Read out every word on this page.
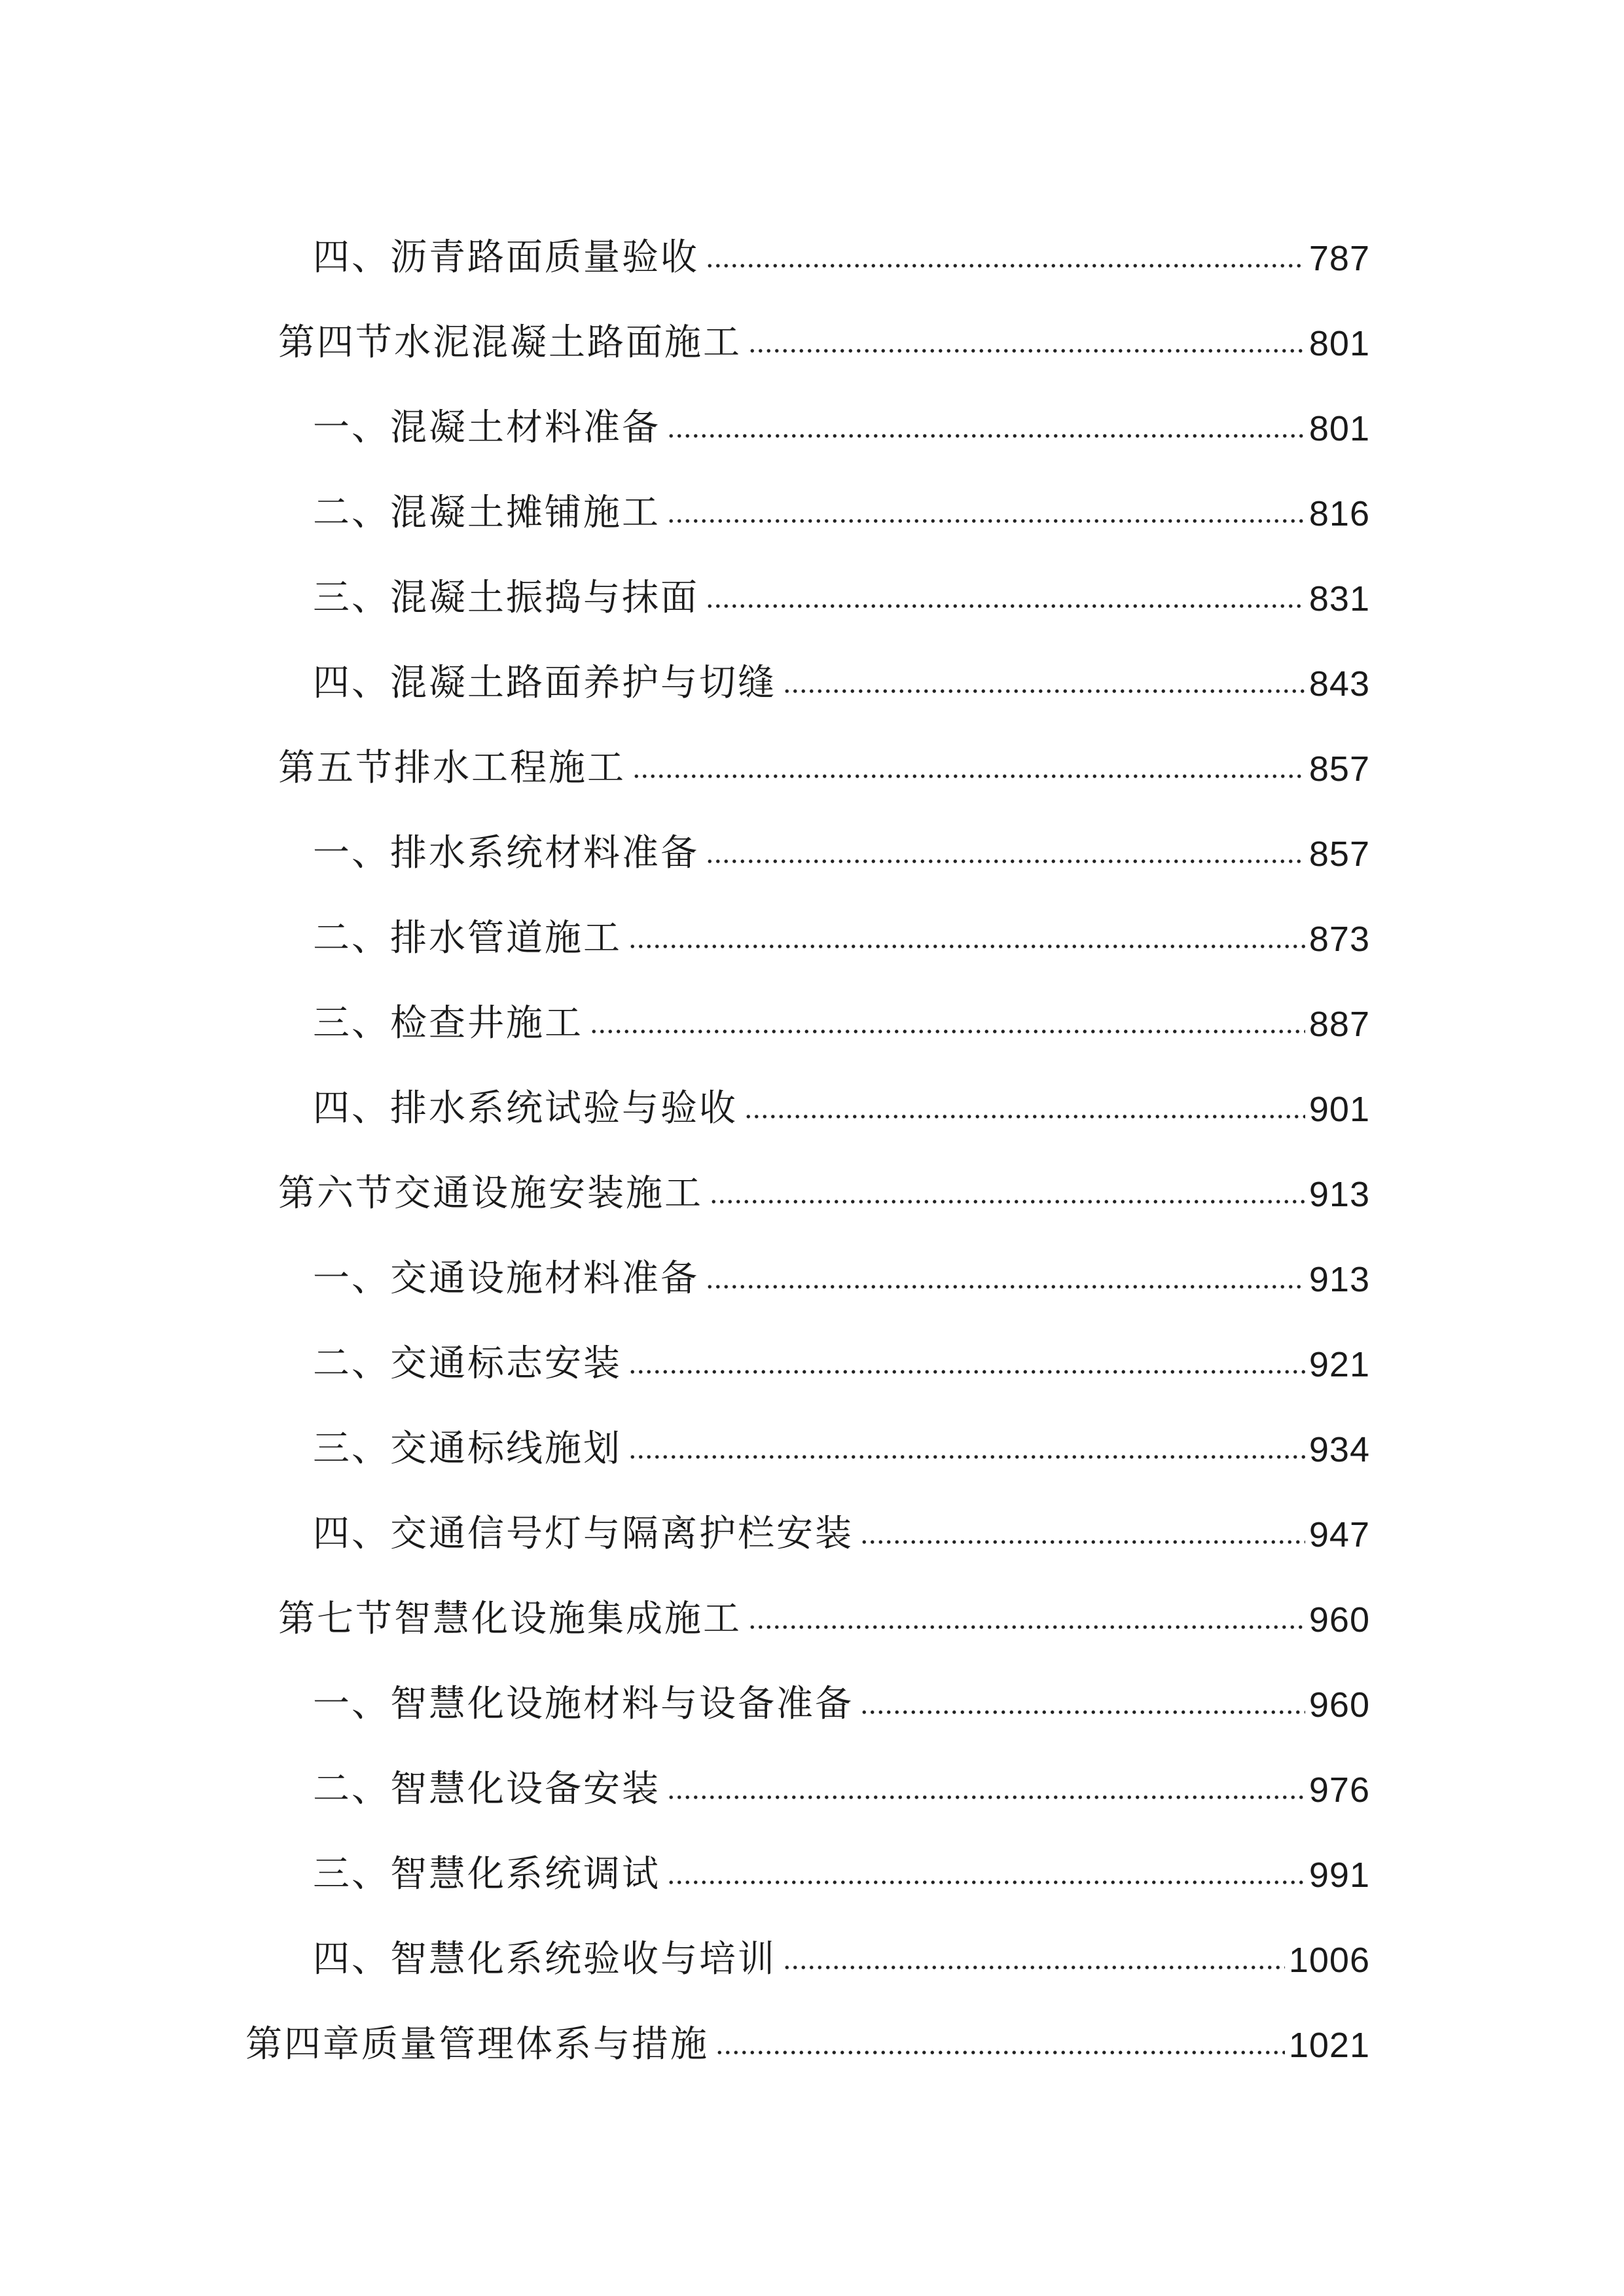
四、沥青路面质量验收	787
第四节水泥混凝土路面施工	801
一、混凝土材料准备	801
二、混凝土摊铺施工	816
三、混凝土振捣与抹面	831
四、混凝土路面养护与切缝	843
第五节排水工程施工	857
一、排水系统材料准备	857
二、排水管道施工	873
三、检查井施工	887
四、排水系统试验与验收	901
第六节交通设施安装施工	913
一、交通设施材料准备	913
二、交通标志安装	921
三、交通标线施划	934
四、交通信号灯与隔离护栏安装	947
第七节智慧化设施集成施工	960
一、智慧化设施材料与设备准备	960
二、智慧化设备安装	976
三、智慧化系统调试	991
四、智慧化系统验收与培训	1006
第四章质量管理体系与措施	1021
